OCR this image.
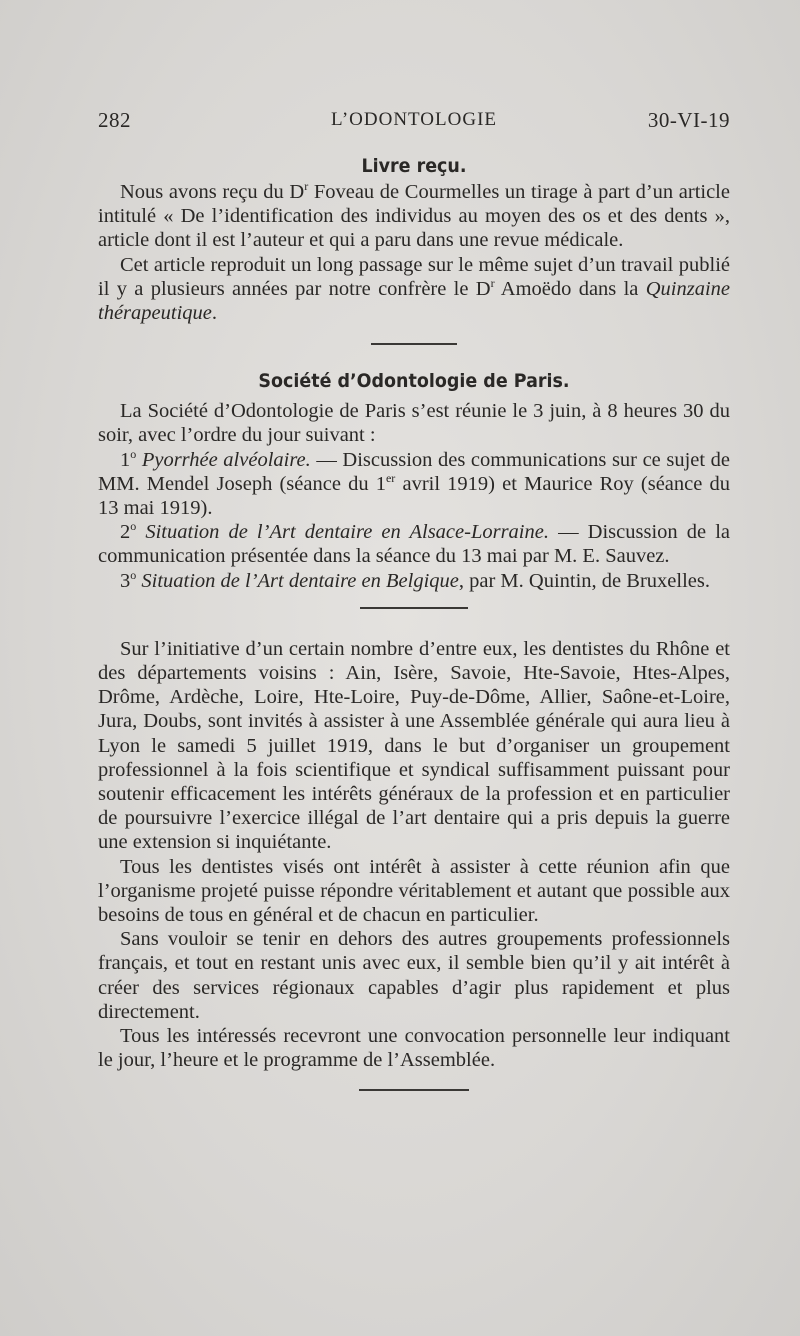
282	L’ODONTOLOGIE	30-VI-19
Livre reçu.

Nous avons reçu du $D^r$ Foveau de Courmelles un tirage à part d’un article intitulé « De l’identification des individus au moyen des os et des dents », article dont il est l’auteur et qui a paru dans une revue médicale.

Cet article reproduit un long passage sur le même sujet d’un travail publié il y a plusieurs années par notre confrère le $D^r$ Amoëdo dans la Quinzaine thérapeutique.

Société d’Odontologie de Paris.

La Société d’Odontologie de Paris s’est réunie le 3 juin, à 8 heures 30 du soir, avec l’ordre du jour suivant :

1$^o$ Pyorrhée alvéolaire. — Discussion des communications sur ce sujet de MM. Mendel Joseph (séance du 1er avril 1919) et Maurice Roy (séance du 13 mai 1919).

2$^o$ Situation de l’Art dentaire en Alsace-Lorraine. — Discussion de la communication présentée dans la séance du 13 mai par M. E. Sauvez.

3$^o$ Situation de l’Art dentaire en Belgique, par M. Quintin, de Bruxelles.

Sur l’initiative d’un certain nombre d’entre eux, les dentistes du Rhône et des départements voisins : Ain, Isère, Savoie, Hte-Savoie, Htes-Alpes, Drôme, Ardèche, Loire, Hte-Loire, Puy-de-Dôme, Allier, Saône-et-Loire, Jura, Doubs, sont invités à assister à une Assemblée générale qui aura lieu à Lyon le samedi 5 juillet 1919, dans le but d’organiser un groupement professionnel à la fois scientifique et syndical suffisamment puissant pour soutenir efficacement les intérêts généraux de la profession et en particulier de poursuivre l’exercice illégal de l’art dentaire qui a pris depuis la guerre une extension si inquiétante.

Tous les dentistes visés ont intérêt à assister à cette réunion afin que l’organisme projeté puisse répondre véritablement et autant que possible aux besoins de tous en général et de chacun en particulier.

Sans vouloir se tenir en dehors des autres groupements professionnels français, et tout en restant unis avec eux, il semble bien qu’il y ait intérêt à créer des services régionaux capables d’agir plus rapidement et plus directement.

Tous les intéressés recevront une convocation personnelle leur indiquant le jour, l’heure et le programme de l’Assemblée.
